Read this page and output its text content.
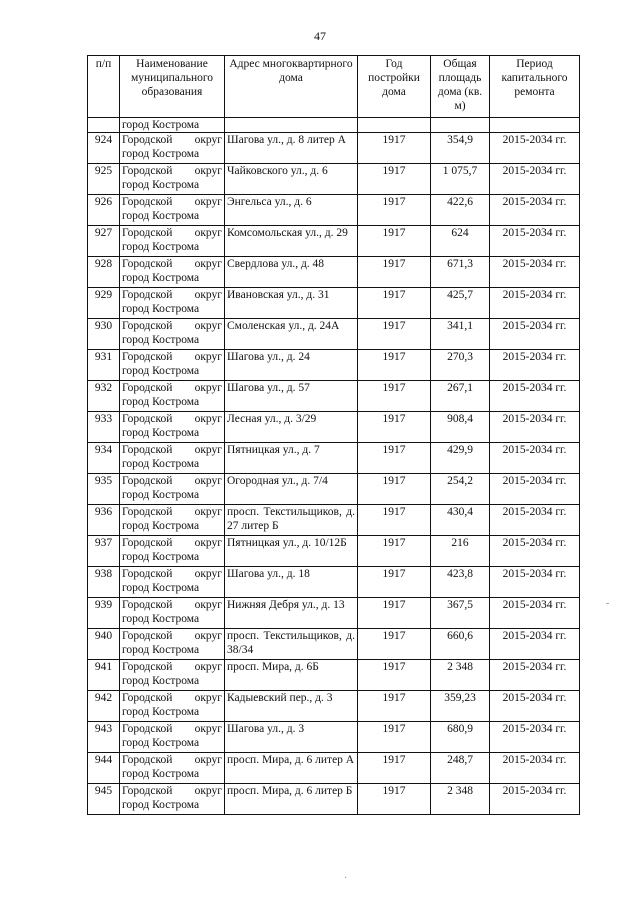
47
п/п	Наименование муниципального образования	Адрес многоквартирного дома	Год постройки дома	Общая площадь дома (кв. м)	Период капитального ремонта
	город Кострома				
924	Городской округ город Кострома	Шагова ул., д. 8 литер А	1917	354,9	2015-2034 гг.
925	Городской округ город Кострома	Чайковского ул., д. 6	1917	1 075,7	2015-2034 гг.
926	Городской округ город Кострома	Энгельса ул., д. 6	1917	422,6	2015-2034 гг.
927	Городской округ город Кострома	Комсомольская ул., д. 29	1917	624	2015-2034 гг.
928	Городской округ город Кострома	Свердлова ул., д. 48	1917	671,3	2015-2034 гг.
929	Городской округ город Кострома	Ивановская ул., д. 31	1917	425,7	2015-2034 гг.
930	Городской округ город Кострома	Смоленская ул., д. 24А	1917	341,1	2015-2034 гг.
931	Городской округ город Кострома	Шагова ул., д. 24	1917	270,3	2015-2034 гг.
932	Городской округ город Кострома	Шагова ул., д. 57	1917	267,1	2015-2034 гг.
933	Городской округ город Кострома	Лесная ул., д. 3/29	1917	908,4	2015-2034 гг.
934	Городской округ город Кострома	Пятницкая ул., д. 7	1917	429,9	2015-2034 гг.
935	Городской округ город Кострома	Огородная ул., д. 7/4	1917	254,2	2015-2034 гг.
936	Городской округ город Кострома	просп. Текстильщиков, д. 27 литер Б	1917	430,4	2015-2034 гг.
937	Городской округ город Кострома	Пятницкая ул., д. 10/12Б	1917	216	2015-2034 гг.
938	Городской округ город Кострома	Шагова ул., д. 18	1917	423,8	2015-2034 гг.
939	Городской округ город Кострома	Нижняя Дебря ул., д. 13	1917	367,5	2015-2034 гг.
940	Городской округ город Кострома	просп. Текстильщиков, д. 38/34	1917	660,6	2015-2034 гг.
941	Городской округ город Кострома	просп. Мира, д. 6Б	1917	2 348	2015-2034 гг.
942	Городской округ город Кострома	Кадыевский пер., д. 3	1917	359,23	2015-2034 гг.
943	Городской округ город Кострома	Шагова ул., д. 3	1917	680,9	2015-2034 гг.
944	Городской округ город Кострома	просп. Мира, д. 6 литер А	1917	248,7	2015-2034 гг.
945	Городской округ город Кострома	просп. Мира, д. 6 литер Б	1917	2 348	2015-2034 гг.
-
·
